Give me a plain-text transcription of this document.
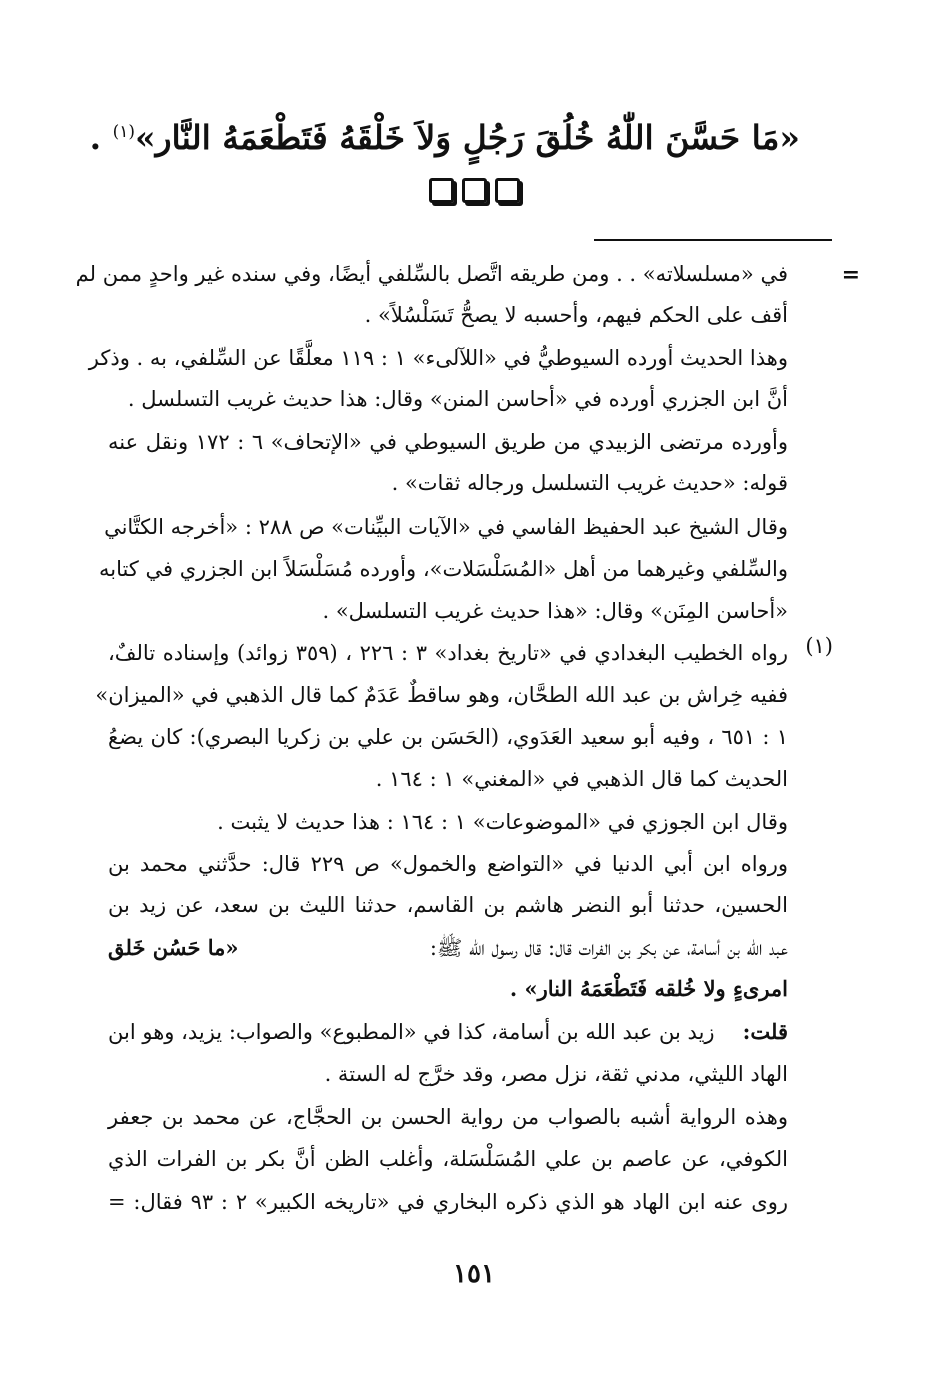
«مَا حَسَّنَ اللّٰهُ خُلُقَ رَجُلٍ وَلاَ خَلْقَهُ فَتَطْعَمَهُ النَّار»$^{(١)}$ .
=
(١)
في «مسلسلاته» . . ومن طريقه اتَّصل بالسِّلفي أيضًا، وفي سنده غير واحدٍ ممن لم
أقف على الحكم فيهم، وأحسبه لا يصحُّ تَسَلْسُلاً» .
وهذا الحديث أورده السيوطيُّ في «اللآلىء» ١ : ١١٩ معلَّقًا عن السِّلفي، به . وذكر
أنَّ ابن الجزري أورده في «أحاسن المنن» وقال: هذا حديث غريب التسلسل .
وأورده مرتضى الزبيدي من طريق السيوطي في «الإتحاف» ٦ : ١٧٢ ونقل عنه
قوله: «حديث غريب التسلسل ورجاله ثقات» .
وقال الشيخ عبد الحفيظ الفاسي في «الآيات البيِّنات» ص ٢٨٨ : «أخرجه الكتَّاني
والسِّلفي وغيرهما من أهل «المُسَلْسَلات»، وأورده مُسَلْسَلاً ابن الجزري في كتابه
«أحاسن المِنَن» وقال: «هذا حديث غريب التسلسل» .
رواه الخطيب البغدادي في «تاريخ بغداد» ٣ : ٢٢٦ ، (٣٥٩ زوائد) وإسناده تالفٌ،
ففيه خِراش بن عبد الله الطحَّان، وهو ساقطٌ عَدَمٌ كما قال الذهبي في «الميزان»
١ : ٦٥١ ، وفيه أبو سعيد العَدَوي، (الحَسَن بن علي بن زكريا البصري): كان يضعُ
الحديث كما قال الذهبي في «المغني» ١ : ١٦٤ .
وقال ابن الجوزي في «الموضوعات» ١ : ١٦٤ : هذا حديث لا يثبت .
ورواه ابن أبي الدنيا في «التواضع والخمول» ص ٢٢٩ قال: حدَّثني محمد بن
الحسين، حدثنا أبو النضر هاشم بن القاسم، حدثنا الليث بن سعد، عن زيد بن
عبد الله بن أسامة، عن بكر بن الفرات قال: قال رسول الله ﷺ:
«ما حَسُن خَلق
امرىءٍ ولا خُلقه فَتَطْعَمَهُ النار» .
قلت:
زيد بن عبد الله بن أسامة، كذا في «المطبوع» والصواب: يزيد، وهو ابن
الهاد الليثي، مدني ثقة، نزل مصر، وقد خرَّج له الستة .
وهذه الرواية أشبه بالصواب من رواية الحسن بن الحجَّاج، عن محمد بن جعفر
الكوفي، عن عاصم بن علي المُسَلْسَلة، وأغلب الظن أنَّ بكر بن الفرات الذي
روى عنه ابن الهاد هو الذي ذكره البخاري في «تاريخه الكبير» ٢ : ٩٣ فقال: =
١٥١
